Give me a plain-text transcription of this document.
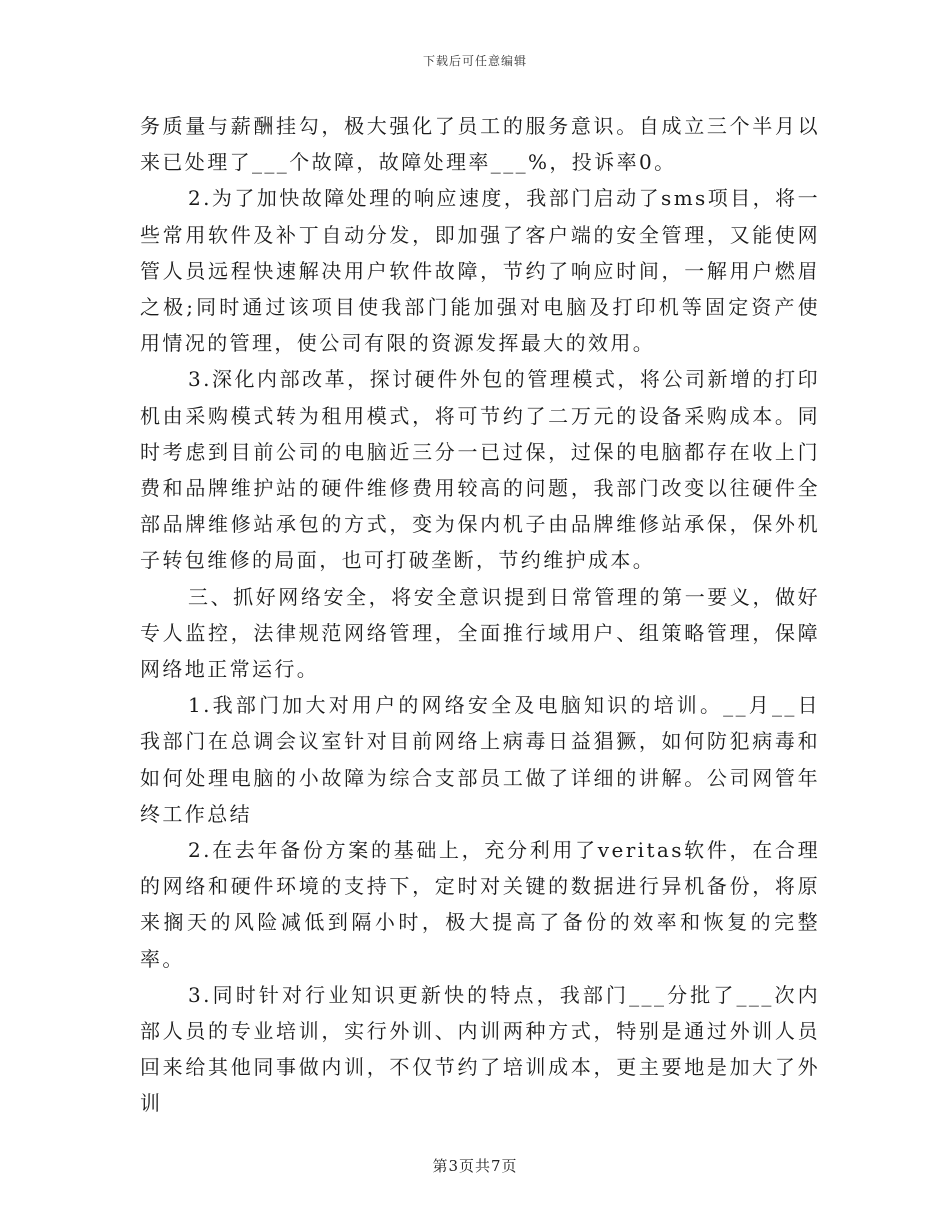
下载后可任意编辑

务质量与薪酬挂勾，极大强化了员工的服务意识。自成立三个半月以来已处理了___个故障，故障处理率___%，投诉率0。

2.为了加快故障处理的响应速度，我部门启动了sms项目，将一些常用软件及补丁自动分发，即加强了客户端的安全管理，又能使网管人员远程快速解决用户软件故障，节约了响应时间，一解用户燃眉之极;同时通过该项目使我部门能加强对电脑及打印机等固定资产使用情况的管理，使公司有限的资源发挥最大的效用。

3.深化内部改革，探讨硬件外包的管理模式，将公司新增的打印机由采购模式转为租用模式，将可节约了二万元的设备采购成本。同时考虑到目前公司的电脑近三分一已过保，过保的电脑都存在收上门费和品牌维护站的硬件维修费用较高的问题，我部门改变以往硬件全部品牌维修站承包的方式，变为保内机子由品牌维修站承保，保外机子转包维修的局面，也可打破垄断，节约维护成本。

三、抓好网络安全，将安全意识提到日常管理的第一要义，做好专人监控，法律规范网络管理，全面推行域用户、组策略管理，保障网络地正常运行。

1.我部门加大对用户的网络安全及电脑知识的培训。__月__日我部门在总调会议室针对目前网络上病毒日益猖獗，如何防犯病毒和如何处理电脑的小故障为综合支部员工做了详细的讲解。公司网管年终工作总结

2.在去年备份方案的基础上，充分利用了veritas软件，在合理的网络和硬件环境的支持下，定时对关键的数据进行异机备份，将原来搁天的风险减低到隔小时，极大提高了备份的效率和恢复的完整率。

3.同时针对行业知识更新快的特点，我部门___分批了___次内部人员的专业培训，实行外训、内训两种方式，特别是通过外训人员回来给其他同事做内训，不仅节约了培训成本，更主要地是加大了外训

第3页共7页
